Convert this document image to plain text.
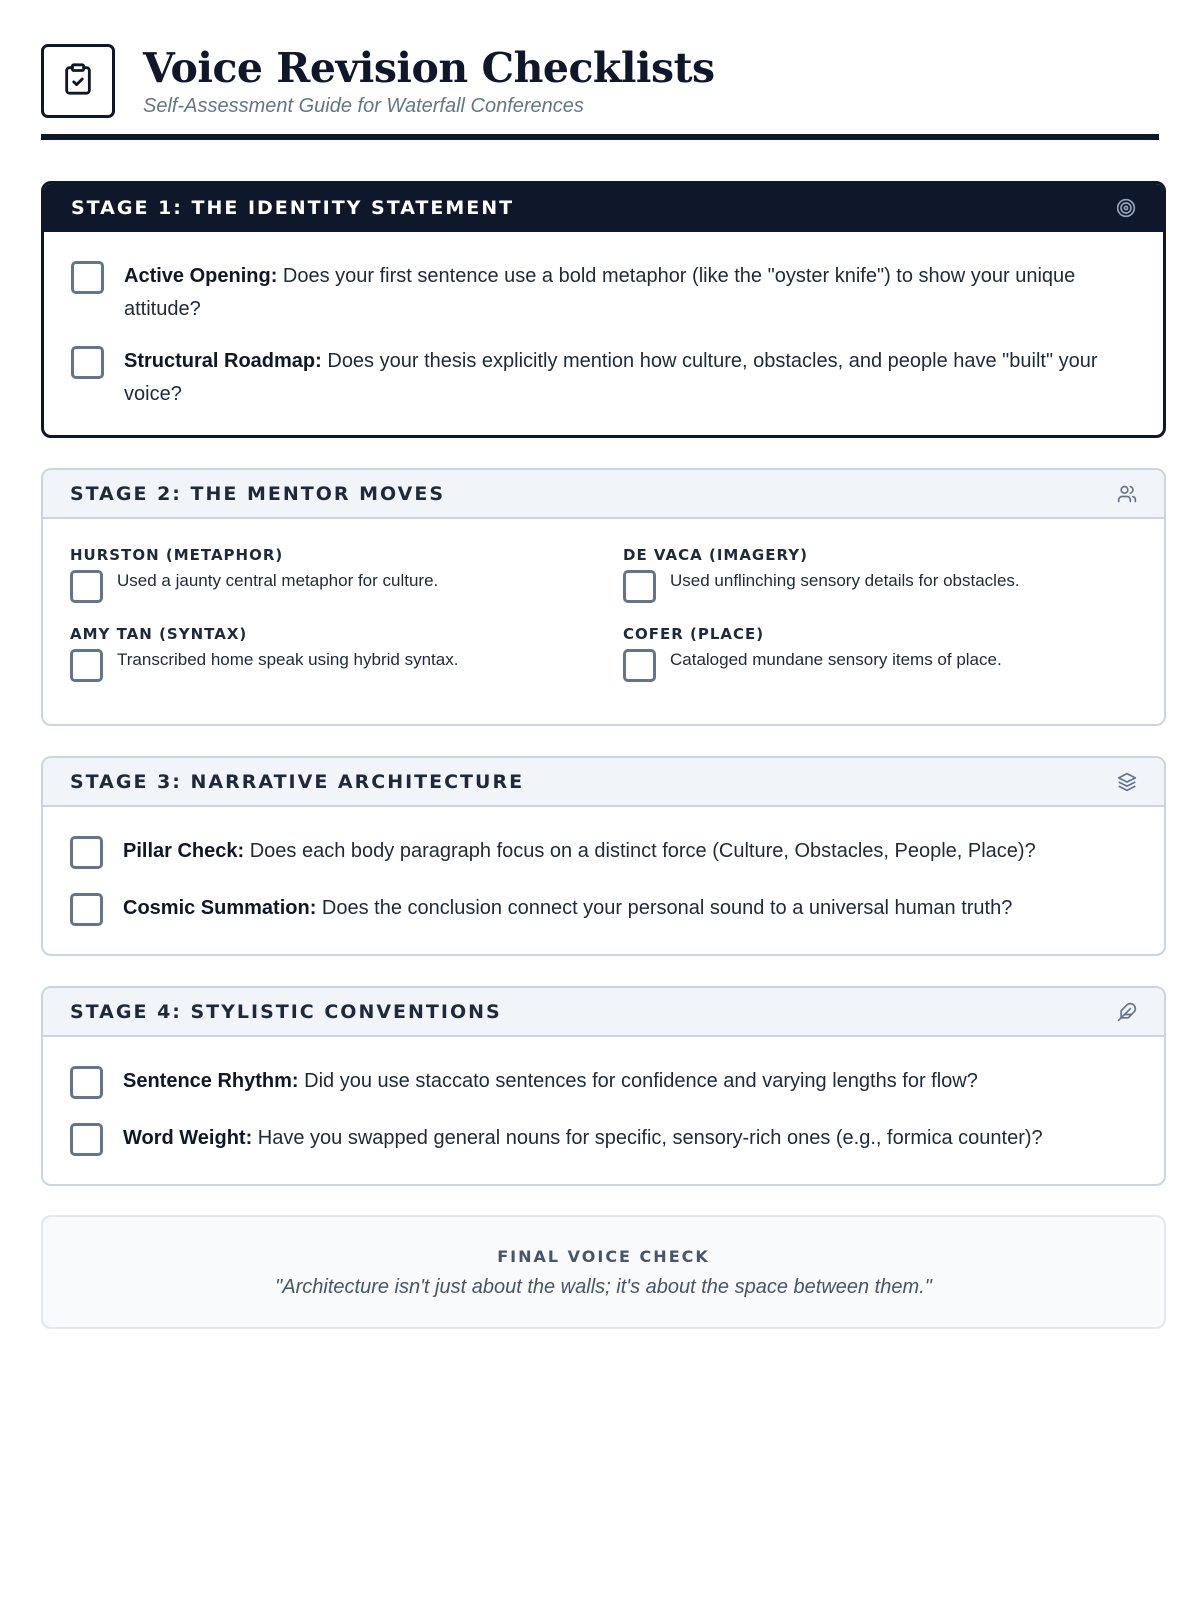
Voice Revision Checklists
Self-Assessment Guide for Waterfall Conferences
STAGE 1: THE IDENTITY STATEMENT
Active Opening: Does your first sentence use a bold metaphor (like the "oyster knife") to show your unique attitude?
Structural Roadmap: Does your thesis explicitly mention how culture, obstacles, and people have "built" your voice?
STAGE 2: THE MENTOR MOVES
HURSTON (METAPHOR)
Used a jaunty central metaphor for culture.
DE VACA (IMAGERY)
Used unflinching sensory details for obstacles.
AMY TAN (SYNTAX)
Transcribed home speak using hybrid syntax.
COFER (PLACE)
Cataloged mundane sensory items of place.
STAGE 3: NARRATIVE ARCHITECTURE
Pillar Check: Does each body paragraph focus on a distinct force (Culture, Obstacles, People, Place)?
Cosmic Summation: Does the conclusion connect your personal sound to a universal human truth?
STAGE 4: STYLISTIC CONVENTIONS
Sentence Rhythm: Did you use staccato sentences for confidence and varying lengths for flow?
Word Weight: Have you swapped general nouns for specific, sensory-rich ones (e.g., formica counter)?
FINAL VOICE CHECK
"Architecture isn't just about the walls; it's about the space between them."
